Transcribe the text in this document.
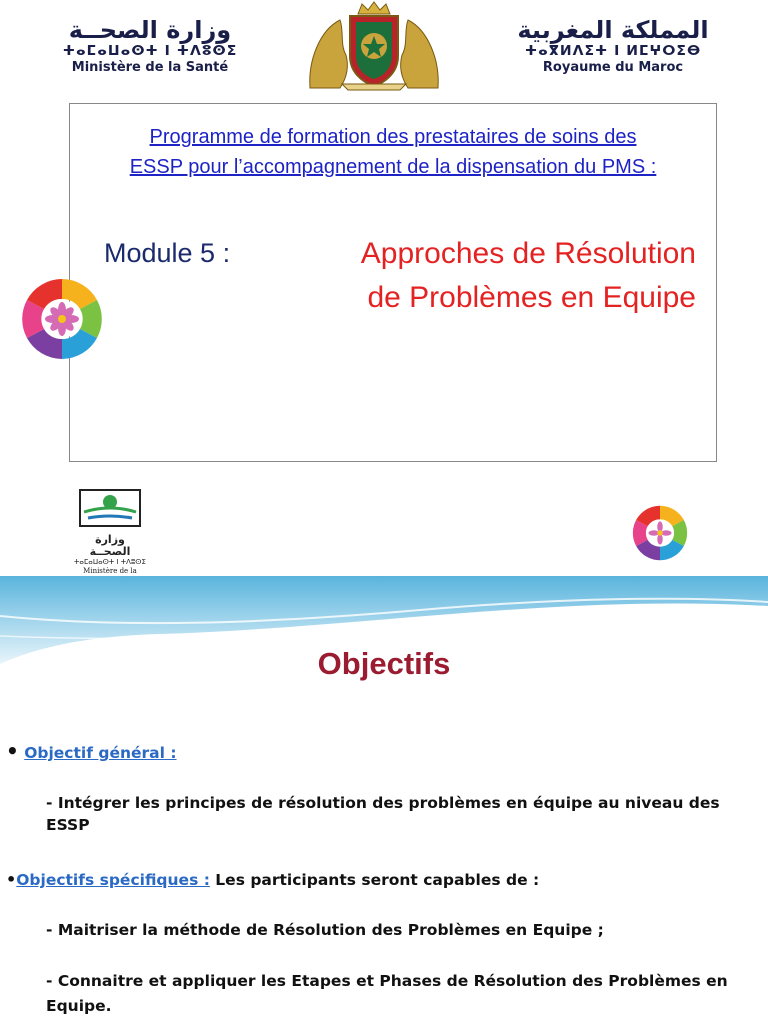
وزارة الصحــة
ⵜⴰⵎⴰⵡⴰⵙⵜ ⵏ ⵜⴷⵓⵙⵉ
Ministère de la Santé
المملكة المغربية
ⵜⴰⴳⵍⴷⵉⵜ ⵏ ⵍⵎⵖⵔⵉⴱ
Royaume du Maroc
Programme de formation des prestataires de soins des
ESSP pour l’accompagnement de la dispensation du PMS :
Module 5 :	Approches de Résolution
de Problèmes en Equipe
وزارة الصحــة
ⵜⴰⵎⴰⵡⴰⵙⵜ ⵏ ⵜⴷⵓⵙⵉ
Ministère de la
Objectifs
• Objectif général :
- Intégrer les principes de résolution des problèmes en équipe au niveau des
ESSP
•Objectifs spécifiques : Les participants seront capables de :
- Maitriser la méthode de Résolution des Problèmes en Equipe ;
- Connaitre et appliquer les Etapes et Phases de Résolution des Problèmes en
Equipe.
